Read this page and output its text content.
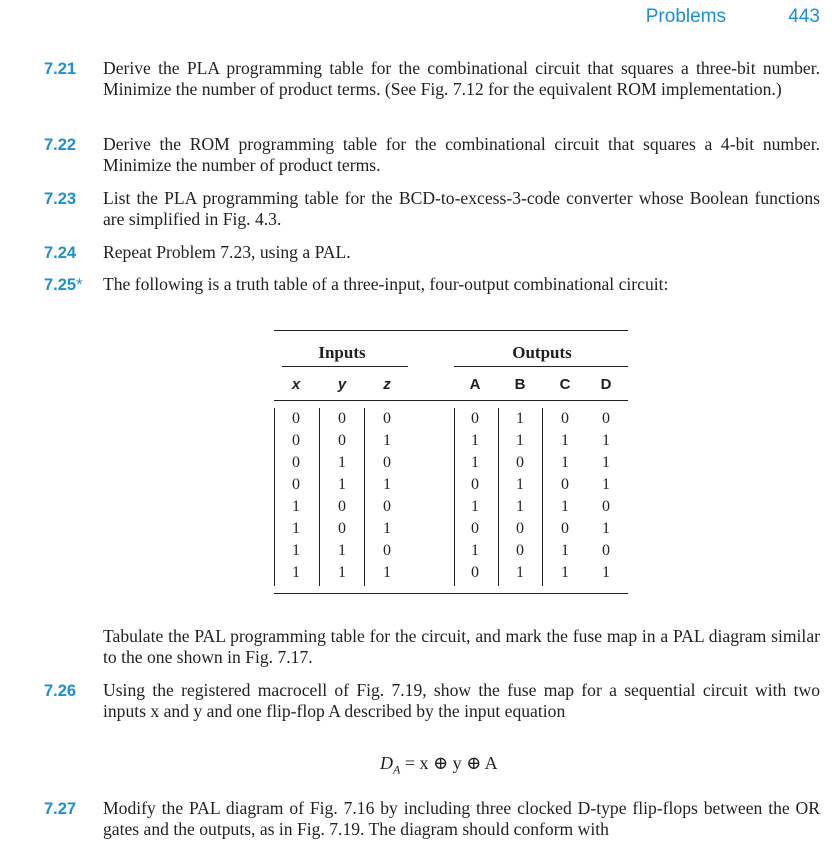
Problems	443
7.21 Derive the PLA programming table for the combinational circuit that squares a three-bit number. Minimize the number of product terms. (See Fig. 7.12 for the equivalent ROM implementation.)
7.22 Derive the ROM programming table for the combinational circuit that squares a 4-bit number. Minimize the number of product terms.
7.23 List the PLA programming table for the BCD-to-excess-3-code converter whose Boolean functions are simplified in Fig. 4.3.
7.24 Repeat Problem 7.23, using a PAL.
7.25* The following is a truth table of a three-input, four-output combinational circuit:
Inputs	Outputs
x	y	z	A	B	C	D
0	0	0	0	1	0	0
0	0	1	1	1	1	1
0	1	0	1	0	1	1
0	1	1	0	1	0	1
1	0	0	1	1	1	0
1	0	1	0	0	0	1
1	1	0	1	0	1	0
1	1	1	0	1	1	1
Tabulate the PAL programming table for the circuit, and mark the fuse map in a PAL diagram similar to the one shown in Fig. 7.17.
7.26 Using the registered macrocell of Fig. 7.19, show the fuse map for a sequential circuit with two inputs x and y and one flip-flop A described by the input equation
$D_A = x$ ⊕ y ⊕ A
7.27 Modify the PAL diagram of Fig. 7.16 by including three clocked D-type flip-flops between the OR gates and the outputs, as in Fig. 7.19. The diagram should conform with
